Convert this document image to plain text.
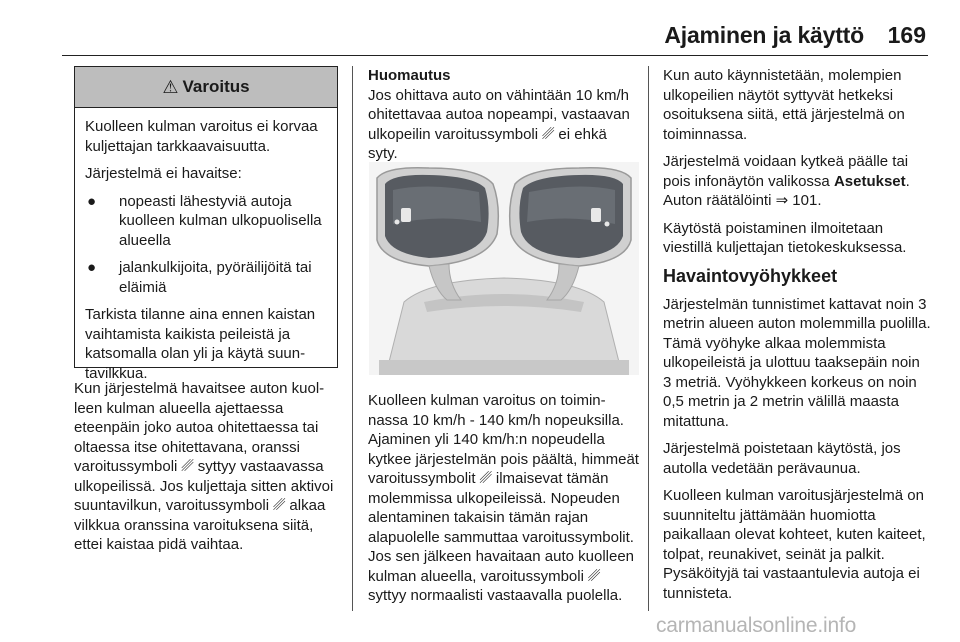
Ajaminen ja käyttö 169
⚠ Varoitus

Kuolleen kulman varoitus ei korvaa kuljettajan tarkkaavaisuutta.

Järjestelmä ei havaitse:

● nopeasti lähestyviä autoja kuolleen kulman ulkopuolisella alueella
● jalankulkijoita, pyöräilijöitä tai eläimiä

Tarkista tilanne aina ennen kaistan vaihtamista kaikista peileistä ja katsomalla olan yli ja käytä suuntavilkkua.

Kun järjestelmä havaitsee auton kuolleen kulman alueella ajettaessa eteenpäin joko autoa ohitettaessa tai oltaessa itse ohitettavana, oranssi varoitussymboli ␥ syttyy vastaavassa ulkopeilissä. Jos kuljettaja sitten aktivoi suuntavilkun, varoitussymboli ␥ alkaa vilkkua oranssina varoituksena siitä, ettei kaistaa pidä vaihtaa.

Huomautus

Jos ohittava auto on vähintään 10 km/h ohitettavaa autoa nopeampi, vastaavan ulkopeilin varoitussymboli ␥ ei ehkä syty.

Kuolleen kulman varoitus on toiminnassa 10 km/h - 140 km/h nopeuksilla. Ajaminen yli 140 km/h:n nopeudella kytkee järjestelmän pois päältä, himmeät varoitussymbolit ␥ ilmaisevat tämän molemmissa ulkopeileissä. Nopeuden alentaminen takaisin tämän rajan alapuolelle sammuttaa varoitussymbolit. Jos sen jälkeen havaitaan auto kuolleen kulman alueella, varoitussymboli ␥ syttyy normaalisti vastaavalla puolella.

Kun auto käynnistetään, molempien ulkopeilien näytöt syttyvät hetkeksi osoituksena siitä, että järjestelmä on toiminnassa.

Järjestelmä voidaan kytkeä päälle tai pois infonäytön valikossa Asetukset. Auton räätälöinti ⇒ 101.

Käytöstä poistaminen ilmoitetaan viestillä kuljettajan tietokeskuksessa.

Havaintovyöhykkeet

Järjestelmän tunnistimet kattavat noin 3 metrin alueen auton molemmilla puolilla. Tämä vyöhyke alkaa molemmista ulkopeileistä ja ulottuu taaksepäin noin 3 metriä. Vyöhykkeen korkeus on noin 0,5 metrin ja 2 metrin välillä maasta mitattuna.

Järjestelmä poistetaan käytöstä, jos autolla vedetään perävaunua.

Kuolleen kulman varoitusjärjestelmä on suunniteltu jättämään huomiotta paikallaan olevat kohteet, kuten kaiteet, tolpat, reunakivet, seinät ja palkit. Pysäköityjä tai vastaantulevia autoja ei tunnisteta.

carmanualsonline.info
